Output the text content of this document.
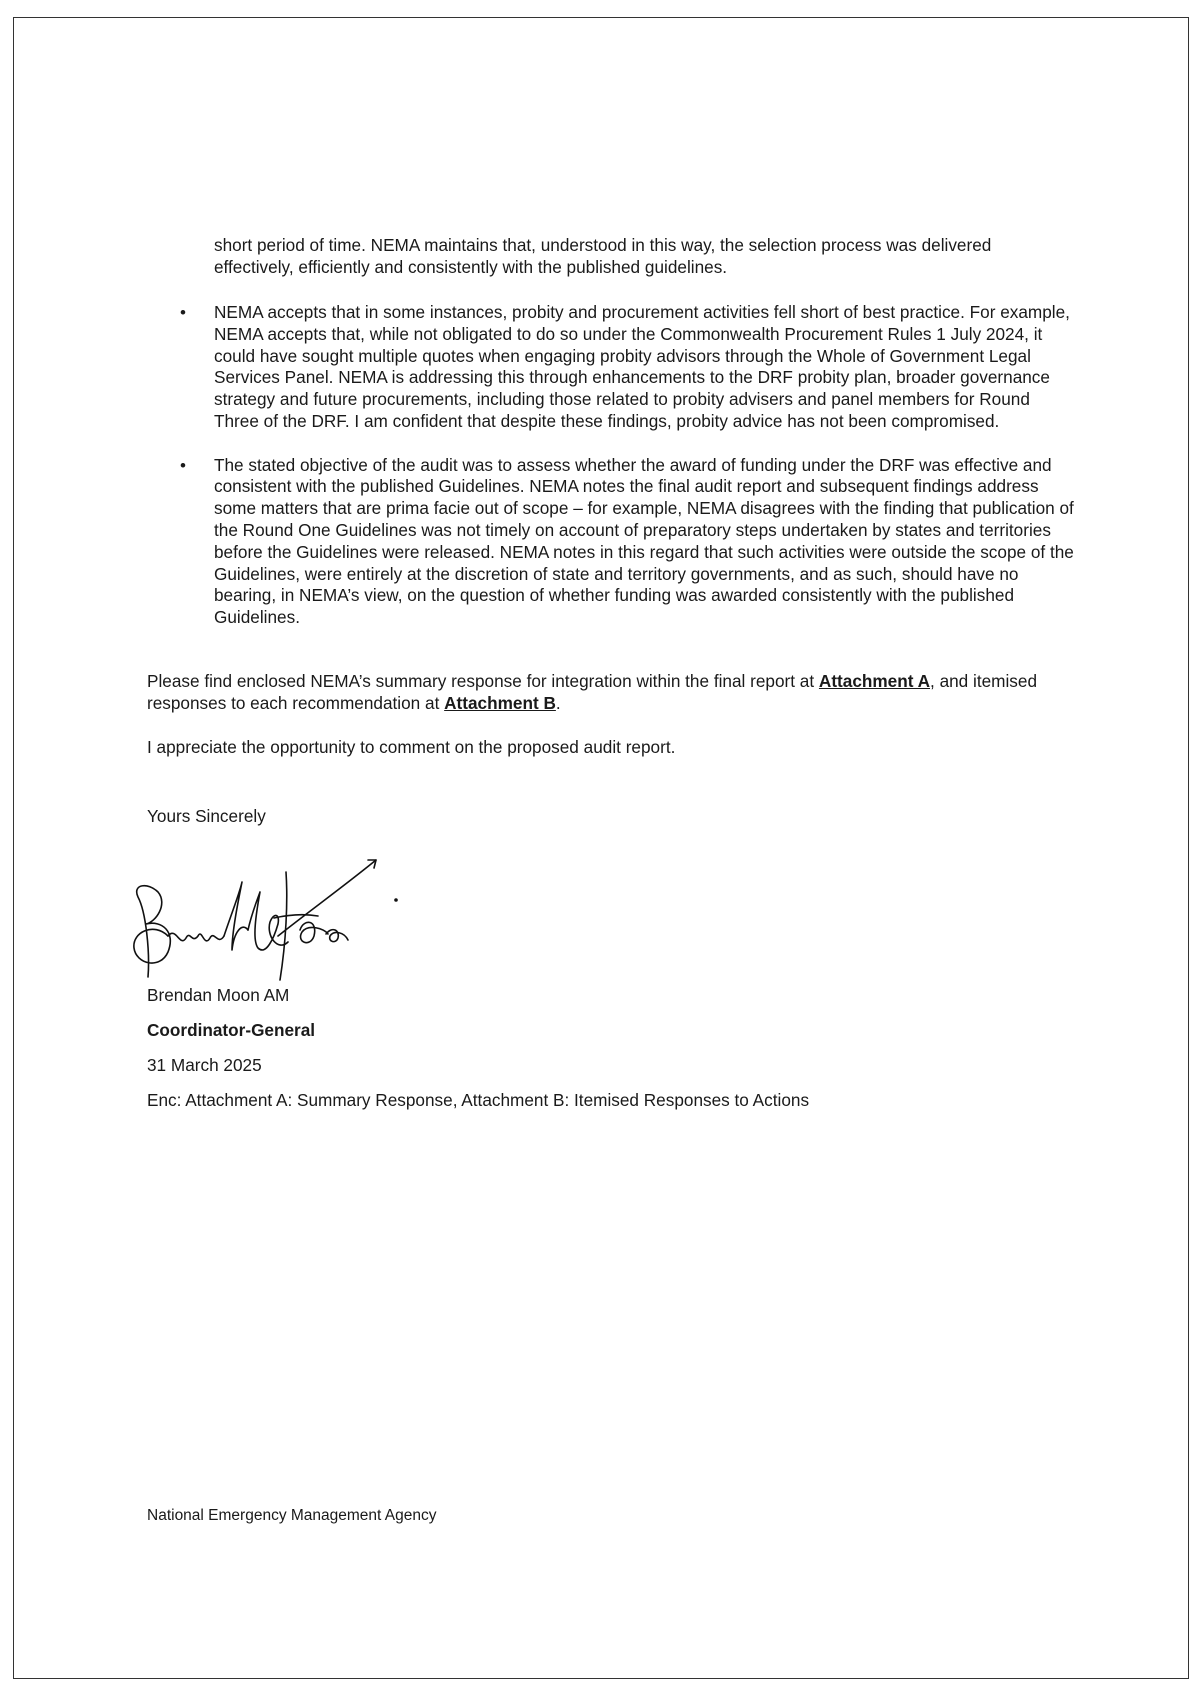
short period of time. NEMA maintains that, understood in this way, the selection process was delivered effectively, efficiently and consistently with the published guidelines.

• NEMA accepts that in some instances, probity and procurement activities fell short of best practice. For example, NEMA accepts that, while not obligated to do so under the Commonwealth Procurement Rules 1 July 2024, it could have sought multiple quotes when engaging probity advisors through the Whole of Government Legal Services Panel. NEMA is addressing this through enhancements to the DRF probity plan, broader governance strategy and future procurements, including those related to probity advisers and panel members for Round Three of the DRF. I am confident that despite these findings, probity advice has not been compromised.
• The stated objective of the audit was to assess whether the award of funding under the DRF was effective and consistent with the published Guidelines. NEMA notes the final audit report and subsequent findings address some matters that are prima facie out of scope – for example, NEMA disagrees with the finding that publication of the Round One Guidelines was not timely on account of preparatory steps undertaken by states and territories before the Guidelines were released. NEMA notes in this regard that such activities were outside the scope of the Guidelines, were entirely at the discretion of state and territory governments, and as such, should have no bearing, in NEMA’s view, on the question of whether funding was awarded consistently with the published Guidelines.

Please find enclosed NEMA’s summary response for integration within the final report at Attachment A, and itemised responses to each recommendation at Attachment B.

I appreciate the opportunity to comment on the proposed audit report.

Yours Sincerely

Brendan Moon AM

Coordinator-General

31 March 2025

Enc: Attachment A: Summary Response, Attachment B: Itemised Responses to Actions

National Emergency Management Agency
